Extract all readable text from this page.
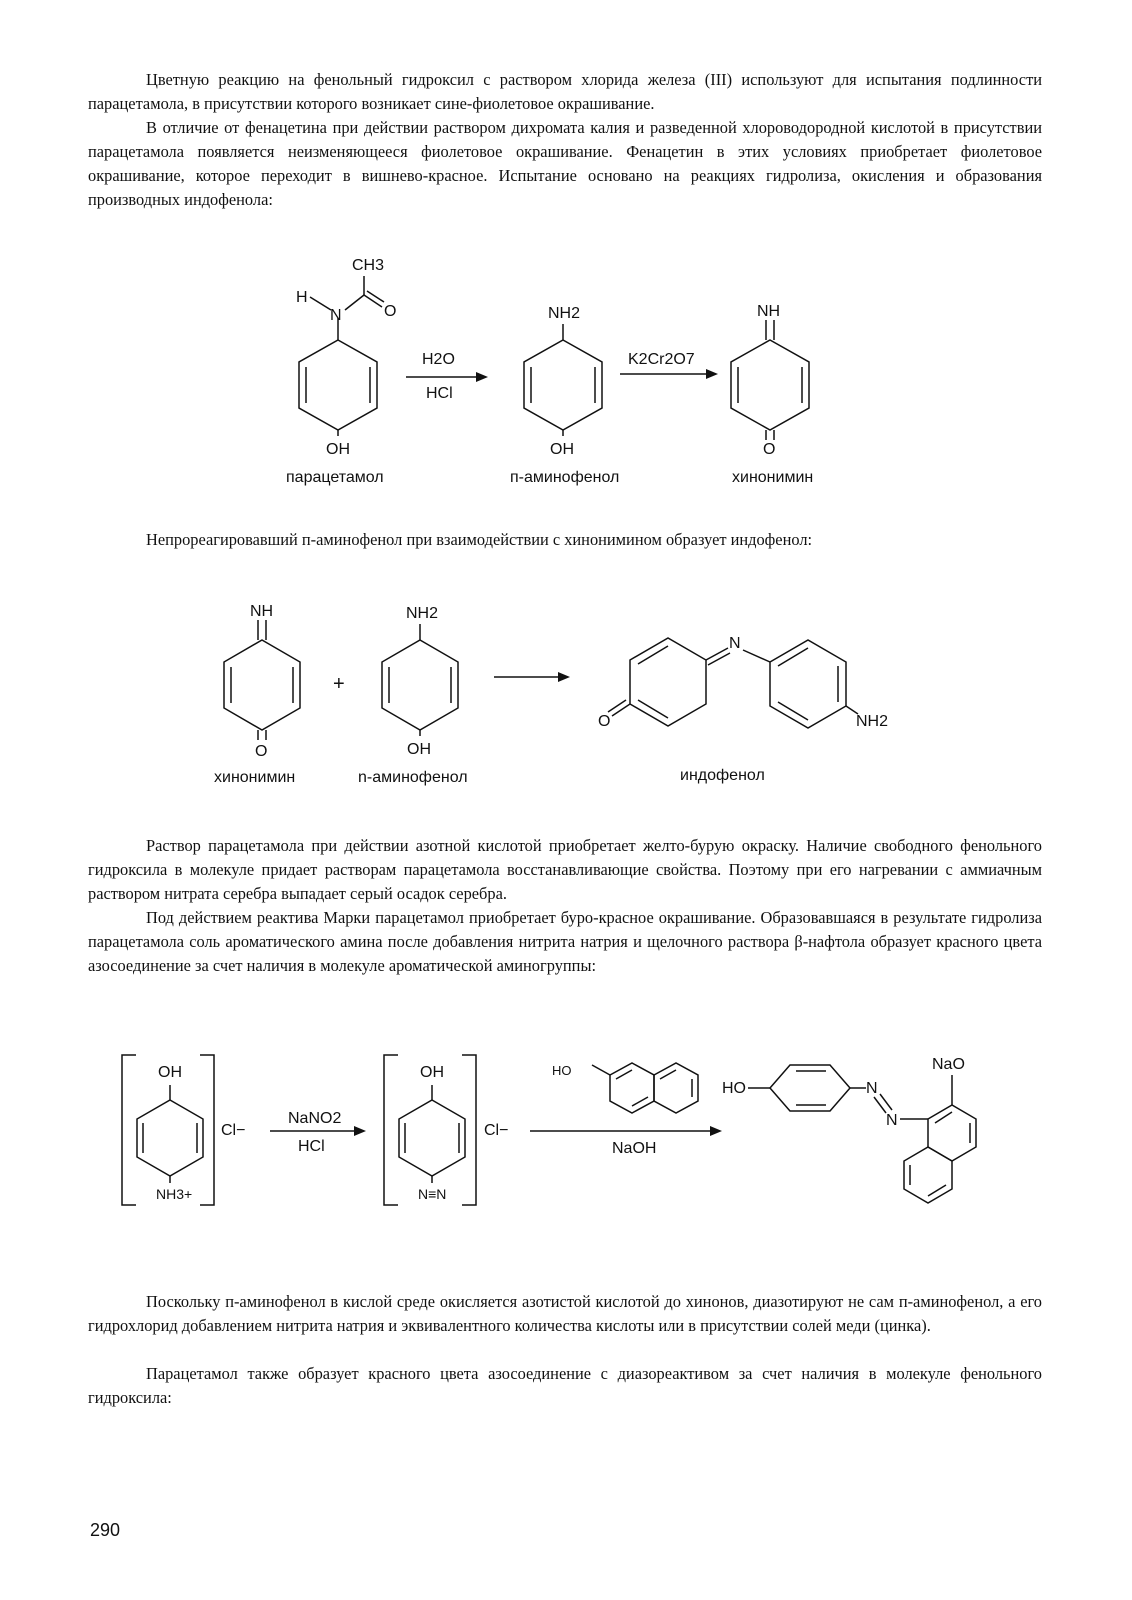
Цветную реакцию на фенольный гидроксил с раствором хлорида железа (III) используют для испытания подлинности парацетамола, в присутствии которого возникает сине-фиолетовое окрашивание.

В отличие от фенацетина при действии раствором дихромата калия и разведенной хлороводородной кислотой в присутствии парацетамола появляется неизменяющееся фиолетовое окрашивание. Фенацетин в этих условиях приобретает фиолетовое окрашивание, которое переходит в вишнево-красное. Испытание основано на реакциях гидролиза, окисления и образования производных индофенола:

CH3
H
N	O
OH
H2O
HCl
NH2
OH
K2Cr2O7
NH
O
парацетамол	п-аминофенол	хинонимин

Непрореагировавший п-аминофенол при взаимодействии с хинонимином образует индофенол:

NH
O
+
NH2
OH
N
O	NH2
хинонимин	n-аминофенол	индофенол

Раствор парацетамола при действии азотной кислотой приобретает желто-бурую окраску. Наличие свободного фенольного гидроксила в молекуле придает растворам парацетамола восстанавливающие свойства. Поэтому при его нагревании с аммиачным раствором нитрата серебра выпадает серый осадок серебра.

Под действием реактива Марки парацетамол приобретает буро-красное окрашивание. Образовавшаяся в результате гидролиза парацетамола соль ароматического амина после добавления нитрита натрия и щелочного раствора β-нафтола образует красного цвета азосоединение за счет наличия в молекуле ароматической аминогруппы:

OH
NH3+
Cl−
NaNO2
HCl
OH
N≡N
Cl−
HO
NaOH
HO	N
N
NaO

Поскольку п-аминофенол в кислой среде окисляется азотистой кислотой до хинонов, диазотируют не сам п-аминофенол, а его гидрохлорид добавлением нитрита натрия и эквивалентного количества кислоты или в присутствии солей меди (цинка).

Парацетамол также образует красного цвета азосоединение с диазореактивом за счет наличия в молекуле фенольного гидроксила:

290
